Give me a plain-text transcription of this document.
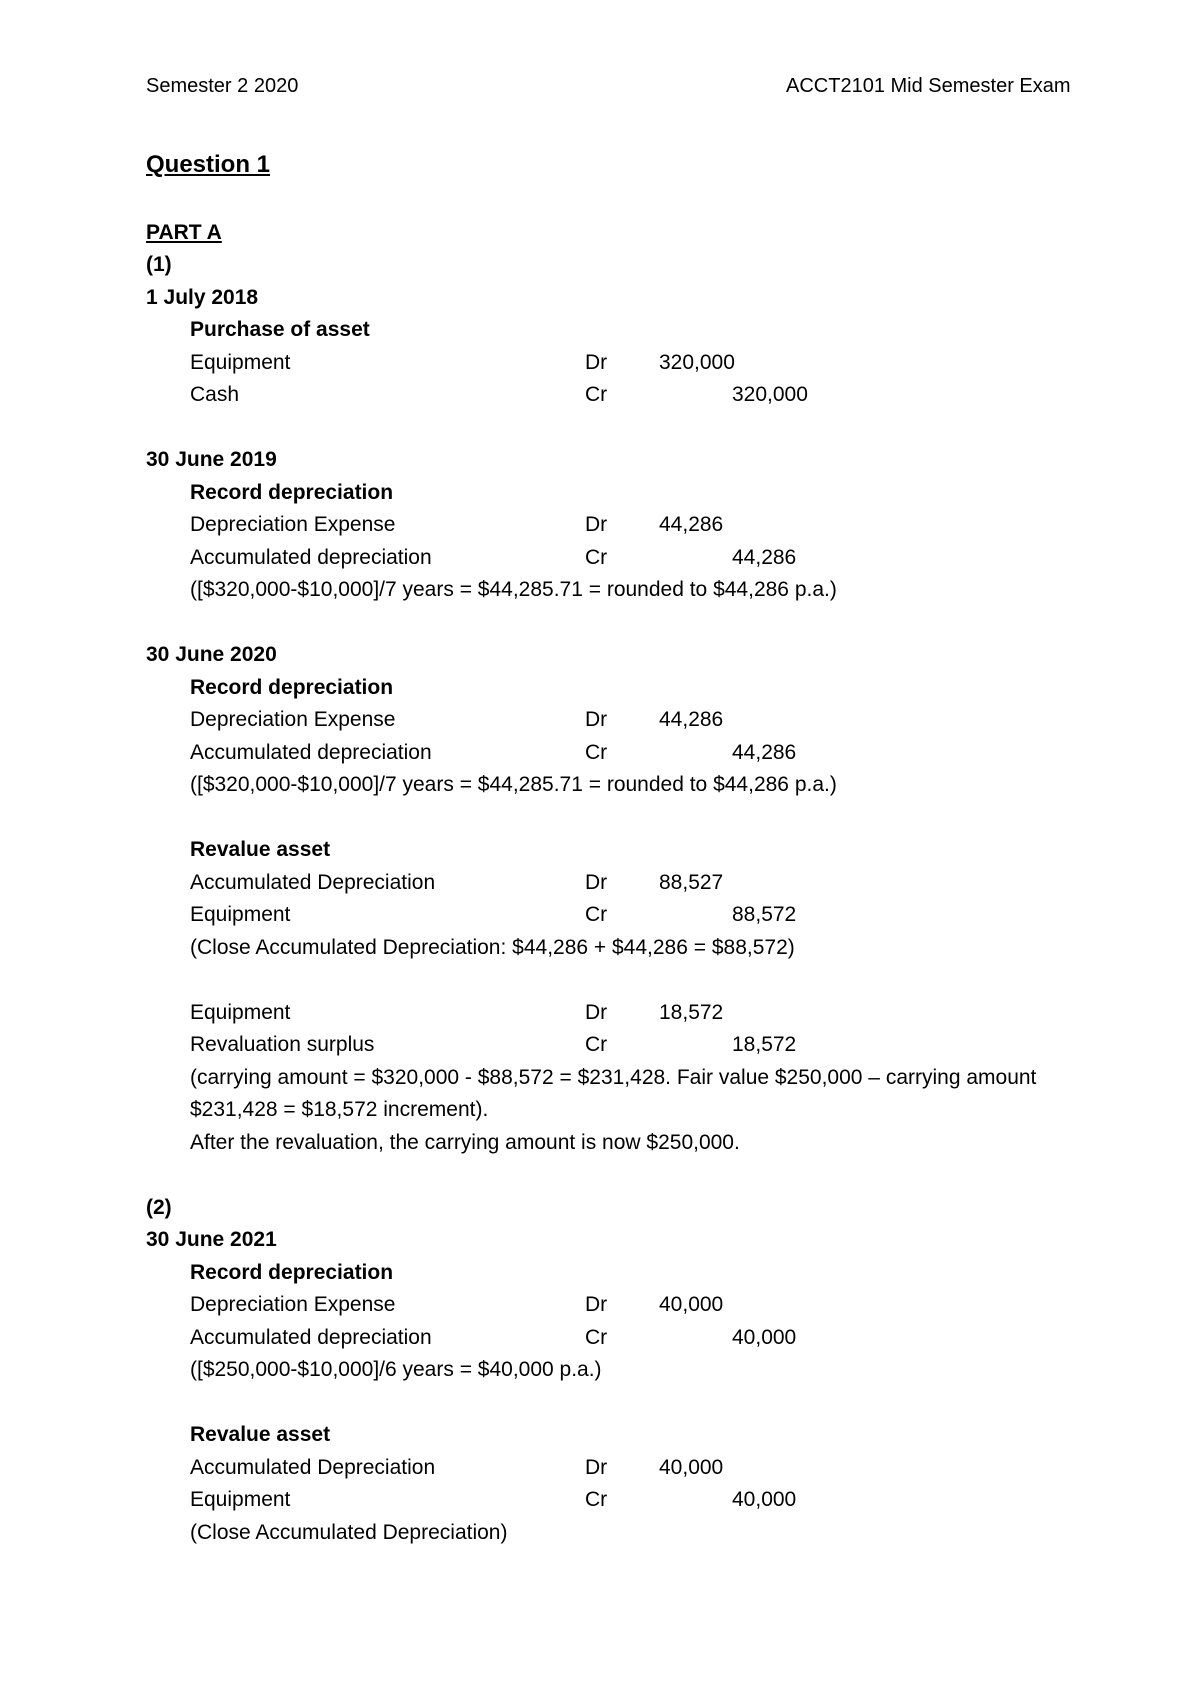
Semester 2 2020	ACCT2101 Mid Semester Exam
Question 1
PART A
(1)
1 July 2018
Purchase of asset
Equipment	Dr 320,000
Cash	Cr	320,000
30 June 2019
Record depreciation
Depreciation Expense	Dr 44,286
Accumulated depreciation	Cr	44,286
([$320,000-$10,000]/7 years = $44,285.71 = rounded to $44,286 p.a.)
30 June 2020
Record depreciation
Depreciation Expense	Dr 44,286
Accumulated depreciation	Cr	44,286
([$320,000-$10,000]/7 years = $44,285.71 = rounded to $44,286 p.a.)
Revalue asset
Accumulated Depreciation	Dr 88,527
Equipment	Cr	88,572
(Close Accumulated Depreciation: $44,286 + $44,286 = $88,572)
Equipment	Dr 18,572
Revaluation surplus	Cr	18,572
(carrying amount = $320,000 - $88,572 = $231,428. Fair value $250,000 – carrying amount $231,428 = $18,572 increment).
After the revaluation, the carrying amount is now $250,000.
(2)
30 June 2021
Record depreciation
Depreciation Expense	Dr 40,000
Accumulated depreciation	Cr	40,000
([$250,000-$10,000]/6 years = $40,000 p.a.)
Revalue asset
Accumulated Depreciation	Dr 40,000
Equipment	Cr	40,000
(Close Accumulated Depreciation)
